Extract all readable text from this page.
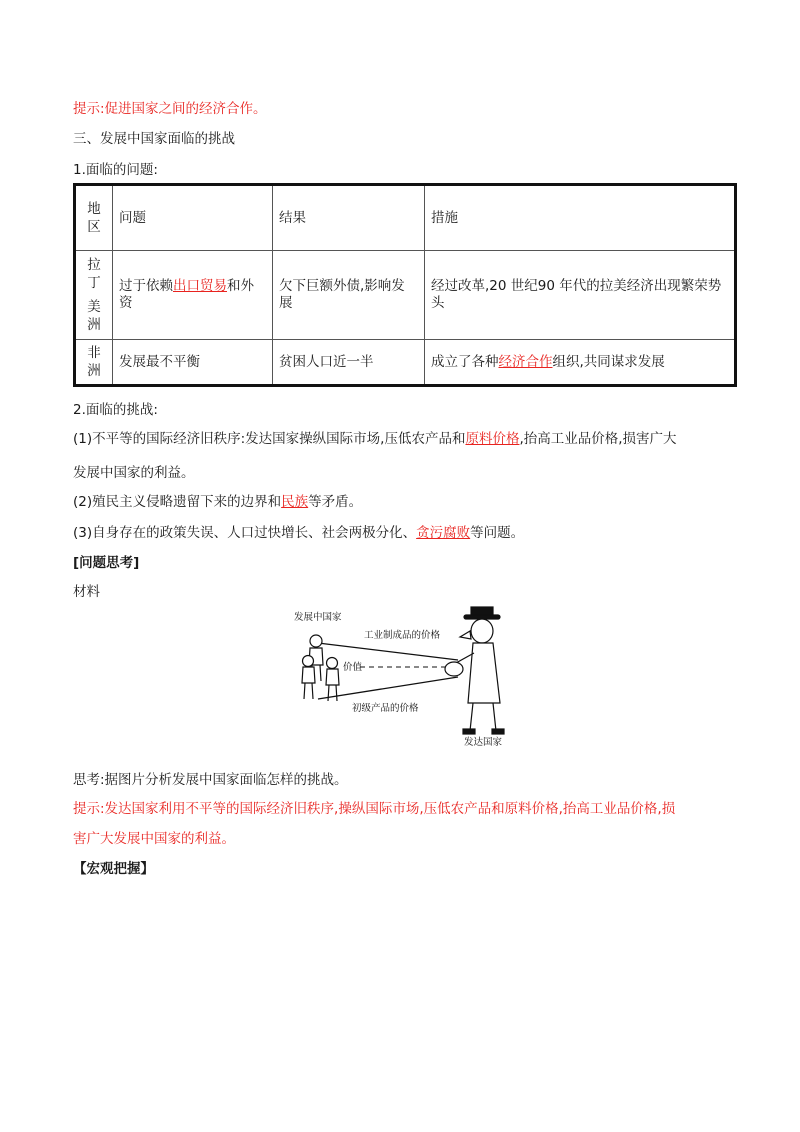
提示:促进国家之间的经济合作。
三、发展中国家面临的挑战
1.面临的问题:
地
区	问题	结果	措施

拉
丁
美
洲	过于依赖出口贸易和外资	欠下巨额外债,影响发展	经过改革,20 世纪90 年代的拉美经济出现繁荣势头

非
洲	发展最不平衡	贫困人口近一半	成立了各种经济合作组织,共同谋求发展
2.面临的挑战:
(1)不平等的国际经济旧秩序:发达国家操纵国际市场,压低农产品和原料价格,抬高工业品价格,损害广大
发展中国家的利益。
(2)殖民主义侵略遗留下来的边界和民族等矛盾。
(3)自身存在的政策失误、人口过快增长、社会两极分化、贪污腐败等问题。
[问题思考]
材料
发展中国家
工业制成品的价格
价值
初级产品的价格
发达国家
思考:据图片分析发展中国家面临怎样的挑战。
提示:发达国家利用不平等的国际经济旧秩序,操纵国际市场,压低农产品和原料价格,抬高工业品价格,损
害广大发展中国家的利益。
【宏观把握】
